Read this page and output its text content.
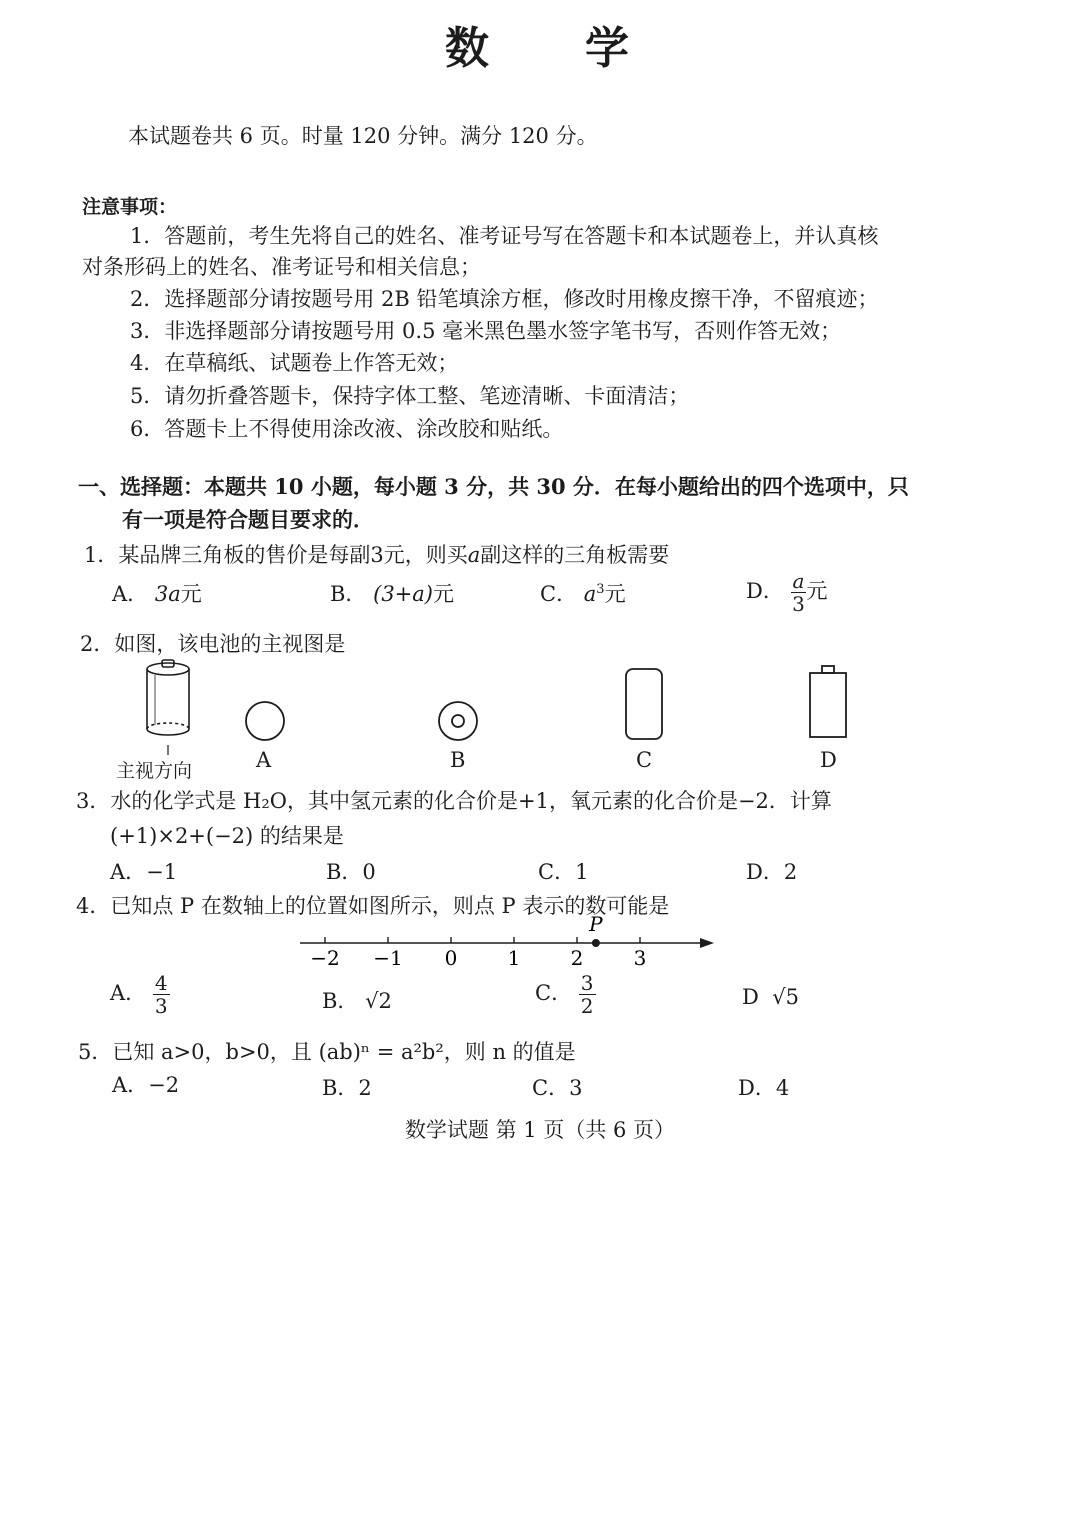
数 学
本试题卷共 6 页。时量 120 分钟。满分 120 分。
注意事项：
1．答题前，考生先将自己的姓名、准考证号写在答题卡和本试题卷上，并认真核
对条形码上的姓名、准考证号和相关信息；
2．选择题部分请按题号用 2B 铅笔填涂方框，修改时用橡皮擦干净，不留痕迹；
3．非选择题部分请按题号用 0.5 毫米黑色墨水签字笔书写，否则作答无效；
4．在草稿纸、试题卷上作答无效；
5．请勿折叠答题卡，保持字体工整、笔迹清晰、卡面清洁；
6．答题卡上不得使用涂改液、涂改胶和贴纸。
一、选择题：本题共 10 小题，每小题 3 分，共 30 分．在每小题给出的四个选项中，只
有一项是符合题目要求的．
1．某品牌三角板的售价是每副3元，则买a副这样的三角板需要
A． 3a元	B． (3+a)元	C． $a^3$元	D． $\frac{a}{3}$ 元
2．如图，该电池的主视图是
主视方向	A	B	C	D
3．水的化学式是 H₂O，其中氢元素的化合价是+1，氧元素的化合价是−2．计算
(+1)×2+(−2) 的结果是
A．−1	B．0	C．1	D．2
4．已知点 P 在数轴上的位置如图所示，则点 P 表示的数可能是
−2 −1 0	1	2	3
P
A． $\frac{4}{3}$	B． √2	C． $\frac{3}{2}$	D √5
5．已知 a>0，b>0，且 (ab)ⁿ = a²b²，则 n 的值是
A．−2	B．2	C．3	D．4
数学试题 第 1 页（共 6 页）
